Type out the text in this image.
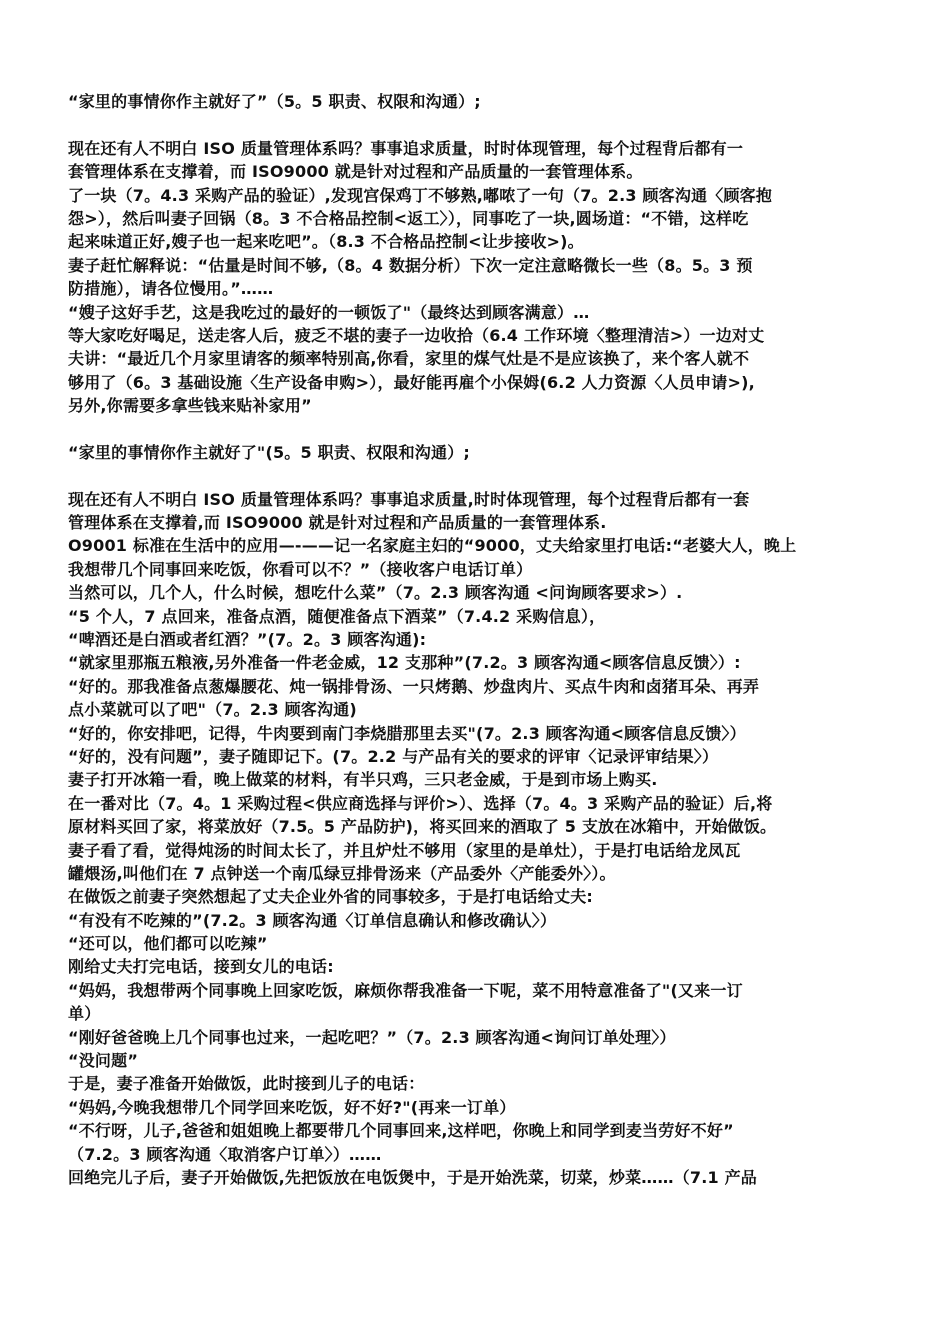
“家里的事情你作主就好了”（5。5 职责、权限和沟通）;
现在还有人不明白 ISO 质量管理体系吗？事事追求质量，时时体现管理，每个过程背后都有一
套管理体系在支撑着，而 ISO9000 就是针对过程和产品质量的一套管理体系。
了一块（7。4.3 采购产品的验证）,发现宫保鸡丁不够熟,嘟哝了一句（7。2.3 顾客沟通〈顾客抱
怨>），然后叫妻子回锅（8。3 不合格品控制<返工〉），同事吃了一块,圆场道：“不错，这样吃
起来味道正好,嫂子也一起来吃吧”。（8.3 不合格品控制<让步接收>)。
妻子赶忙解释说：“估量是时间不够,（8。4 数据分析）下次一定注意略微长一些（8。5。3 预
防措施），请各位慢用。”……
“嫂子这好手艺，这是我吃过的最好的一顿饭了"（最终达到顾客满意）…
等大家吃好喝足，送走客人后，疲乏不堪的妻子一边收拾（6.4 工作环境〈整理清洁>）一边对丈
夫讲：“最近几个月家里请客的频率特别高,你看，家里的煤气灶是不是应该换了，来个客人就不
够用了（6。3 基础设施〈生产设备申购>），最好能再雇个小保姆(6.2 人力资源〈人员申请>),
另外,你需要多拿些钱来贴补家用”
“家里的事情你作主就好了"(5。5 职责、权限和沟通）;
现在还有人不明白 ISO 质量管理体系吗？事事追求质量,时时体现管理，每个过程背后都有一套
管理体系在支撑着,而 ISO9000 就是针对过程和产品质量的一套管理体系.
O9001 标准在生活中的应用—-——记一名家庭主妇的“9000，丈夫给家里打电话:“老婆大人，晚上
我想带几个同事回来吃饭，你看可以不？”（接收客户电话订单）
当然可以，几个人，什么时候，想吃什么菜”（7。2.3 顾客沟通 <问询顾客要求>）.
“5 个人，7 点回来，准备点酒，随便准备点下酒菜”（7.4.2 采购信息），
“啤酒还是白酒或者红酒？”(7。2。3 顾客沟通):
“就家里那瓶五粮液,另外准备一件老金威，12 支那种”(7.2。3 顾客沟通<顾客信息反馈〉）:
“好的。那我准备点葱爆腰花、炖一锅排骨汤、一只烤鹅、炒盘肉片、买点牛肉和卤猪耳朵、再弄
点小菜就可以了吧"（7。2.3 顾客沟通)
“好的，你安排吧，记得，牛肉要到南门李烧腊那里去买"(7。2.3 顾客沟通<顾客信息反馈〉）
“好的，没有问题”，妻子随即记下。(7。2.2 与产品有关的要求的评审〈记录评审结果〉）
妻子打开冰箱一看，晚上做菜的材料，有半只鸡，三只老金威，于是到市场上购买.
在一番对比（7。4。1 采购过程<供应商选择与评价>）、选择（7。4。3 采购产品的验证）后,将
原材料买回了家，将菜放好（7.5。5 产品防护)，将买回来的酒取了 5 支放在冰箱中，开始做饭。
妻子看了看，觉得炖汤的时间太长了，并且炉灶不够用（家里的是单灶），于是打电话给龙凤瓦
罐煨汤,叫他们在 7 点钟送一个南瓜绿豆排骨汤来（产品委外〈产能委外〉）。
在做饭之前妻子突然想起了丈夫企业外省的同事较多，于是打电话给丈夫:
“有没有不吃辣的”(7.2。3 顾客沟通〈订单信息确认和修改确认〉）
“还可以，他们都可以吃辣”
刚给丈夫打完电话，接到女儿的电话:
“妈妈，我想带两个同事晚上回家吃饭，麻烦你帮我准备一下呢，菜不用特意准备了"(又来一订
单）
“刚好爸爸晚上几个同事也过来，一起吃吧？”（7。2.3 顾客沟通<询问订单处理〉）
“没问题”
于是，妻子准备开始做饭，此时接到儿子的电话：
“妈妈,今晚我想带几个同学回来吃饭，好不好?"(再来一订单）
“不行呀，儿子,爸爸和姐姐晚上都要带几个同事回来,这样吧，你晚上和同学到麦当劳好不好”
（7.2。3 顾客沟通〈取消客户订单〉）……
回绝完儿子后，妻子开始做饭,先把饭放在电饭煲中，于是开始洗菜，切菜，炒菜……（7.1 产品
